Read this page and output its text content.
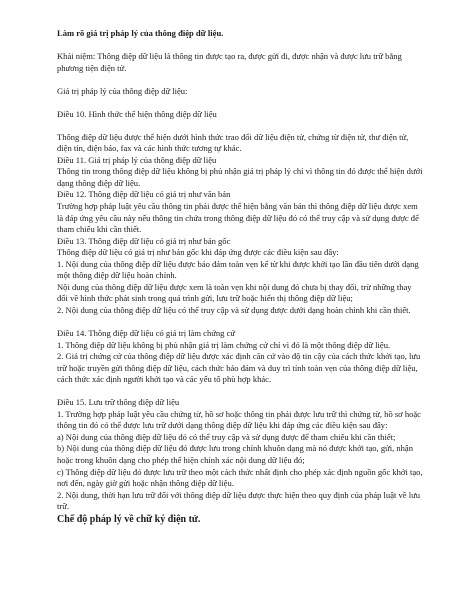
Làm rõ giá trị pháp lý của thông điệp dữ liệu.

Khái niệm: Thông điệp dữ liệu là thông tin được tạo ra, được gửi đi, được nhận và được lưu trữ bằng phương tiện điện tử.

Giá trị pháp lý của thông điệp dữ liệu:

Điều 10. Hình thức thể hiện thông điệp dữ liệu

Thông điệp dữ liệu được thể hiện dưới hình thức trao đổi dữ liệu điện tử, chứng từ điện tử, thư điện tử, điện tín, điện báo, fax và các hình thức tương tự khác.

Điều 11. Giá trị pháp lý của thông điệp dữ liệu

Thông tin trong thông điệp dữ liệu không bị phủ nhận giá trị pháp lý chỉ vì thông tin đó được thể hiện dưới dạng thông điệp dữ liệu.

Điều 12. Thông điệp dữ liệu có giá trị như văn bản

Trường hợp pháp luật yêu cầu thông tin phải được thể hiện bằng văn bản thì thông điệp dữ liệu được xem là đáp ứng yêu cầu này nếu thông tin chứa trong thông điệp dữ liệu đó có thể truy cập và sử dụng được để tham chiếu khi cần thiết.

Điều 13. Thông điệp dữ liệu có giá trị như bản gốc

Thông điệp dữ liệu có giá trị như bản gốc khi đáp ứng được các điều kiện sau đây:

1. Nội dung của thông điệp dữ liệu được bảo đảm toàn vẹn kể từ khi được khởi tạo lần đầu tiên dưới dạng một thông điệp dữ liệu hoàn chỉnh.

Nội dung của thông điệp dữ liệu được xem là toàn vẹn khi nội dung đó chưa bị thay đổi, trừ những thay đổi về hình thức phát sinh trong quá trình gửi, lưu trữ hoặc hiển thị thông điệp dữ liệu;

2. Nội dung của thông điệp dữ liệu có thể truy cập và sử dụng được dưới dạng hoàn chỉnh khi cần thiết.

Điều 14. Thông điệp dữ liệu có giá trị làm chứng cứ

1. Thông điệp dữ liệu không bị phủ nhận giá trị làm chứng cứ chỉ vì đó là một thông điệp dữ liệu.

2. Giá trị chứng cứ của thông điệp dữ liệu được xác định căn cứ vào độ tin cậy của cách thức khởi tạo, lưu trữ hoặc truyền gửi thông điệp dữ liệu, cách thức bảo đảm và duy trì tính toàn vẹn của thông điệp dữ liệu, cách thức xác định người khởi tạo và các yếu tố phù hợp khác.

Điều 15. Lưu trữ thông điệp dữ liệu

1. Trường hợp pháp luật yêu cầu chứng từ, hồ sơ hoặc thông tin phải được lưu trữ thì chứng từ, hồ sơ hoặc thông tin đó có thể được lưu trữ dưới dạng thông điệp dữ liệu khi đáp ứng các điều kiện sau đây:

a) Nội dung của thông điệp dữ liệu đó có thể truy cập và sử dụng được để tham chiếu khi cần thiết;

b) Nội dung của thông điệp dữ liệu đó được lưu trong chính khuôn dạng mà nó được khởi tạo, gửi, nhận hoặc trong khuôn dạng cho phép thể hiện chính xác nội dung dữ liệu đó;

c) Thông điệp dữ liệu đó được lưu trữ theo một cách thức nhất định cho phép xác định nguồn gốc khởi tạo, nơi đến, ngày giờ gửi hoặc nhận thông điệp dữ liệu.

2. Nội dung, thời hạn lưu trữ đối với thông điệp dữ liệu được thực hiện theo quy định của pháp luật về lưu trữ.

Chế độ pháp lý về chữ ký điện tử.
